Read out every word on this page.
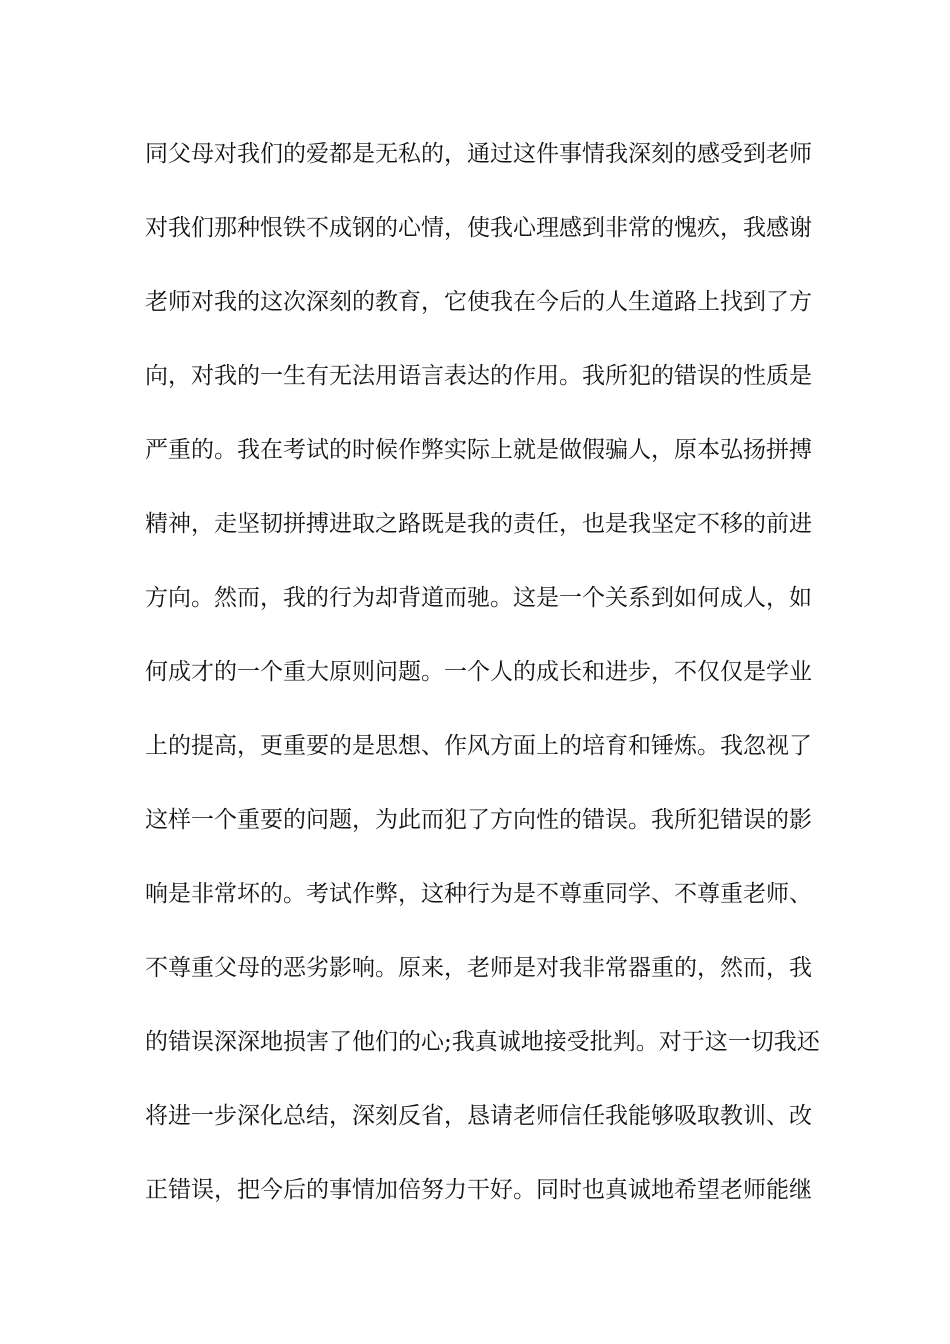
同父母对我们的爱都是无私的，通过这件事情我深刻的感受到老师
对我们那种恨铁不成钢的心情，使我心理感到非常的愧疚，我感谢
老师对我的这次深刻的教育，它使我在今后的人生道路上找到了方
向，对我的一生有无法用语言表达的作用。我所犯的错误的性质是
严重的。我在考试的时候作弊实际上就是做假骗人，原本弘扬拼搏
精神，走坚韧拼搏进取之路既是我的责任，也是我坚定不移的前进
方向。然而，我的行为却背道而驰。这是一个关系到如何成人，如
何成才的一个重大原则问题。一个人的成长和进步，不仅仅是学业
上的提高，更重要的是思想、作风方面上的培育和锤炼。我忽视了
这样一个重要的问题，为此而犯了方向性的错误。我所犯错误的影
响是非常坏的。考试作弊，这种行为是不尊重同学、不尊重老师、
不尊重父母的恶劣影响。原来，老师是对我非常器重的，然而，我
的错误深深地损害了他们的心;我真诚地接受批判。对于这一切我还
将进一步深化总结，深刻反省，恳请老师信任我能够吸取教训、改
正错误，把今后的事情加倍努力干好。同时也真诚地希望老师能继
